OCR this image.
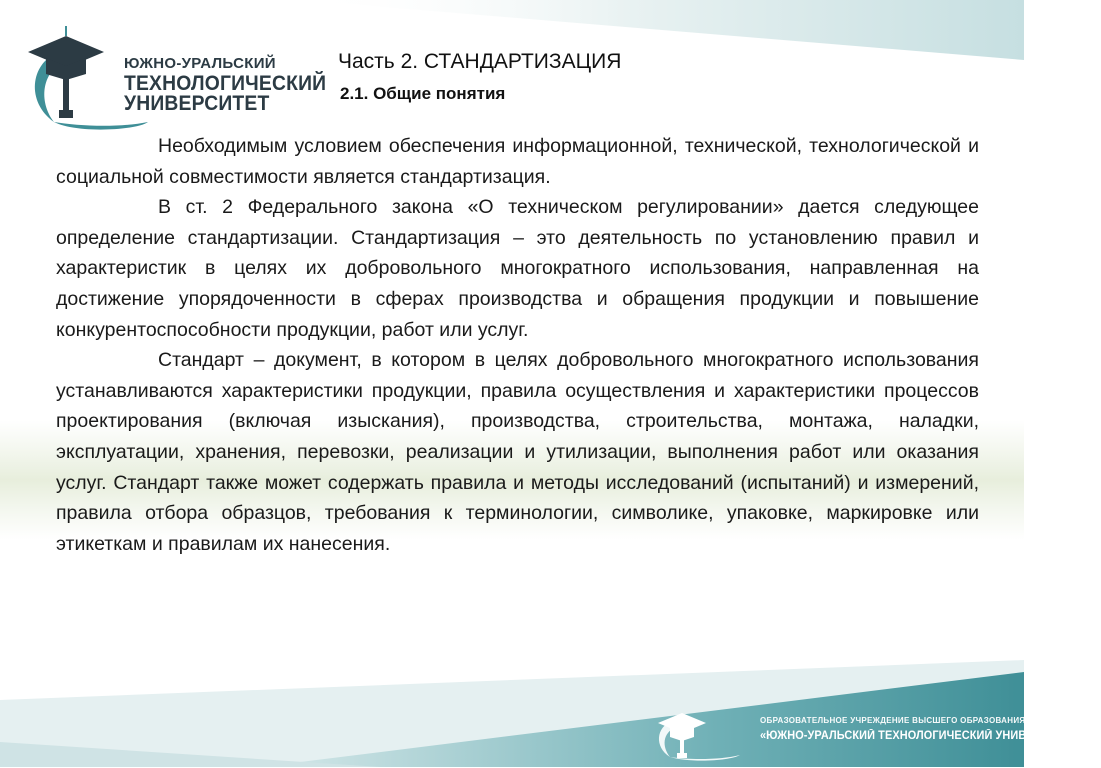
ЮЖНО-УРАЛЬСКИЙ
ТЕХНОЛОГИЧЕСКИЙ
УНИВЕРСИТЕТ
Часть 2. СТАНДАРТИЗАЦИЯ
2.1. Общие понятия

Необходимым условием обеспечения информационной, технической, технологической и социальной совместимости является стандартизация.

В ст. 2 Федерального закона «О техническом регулировании» дается следующее определение стандартизации. Стандартизация – это деятельность по установлению правил и характеристик в целях их добровольного многократного использования, направленная на достижение упорядоченности в сферах производства и обращения продукции и повышение конкурентоспособности продукции, работ или услуг.

Стандарт – документ, в котором в целях добровольного многократного использования устанавливаются характеристики продукции, правила осуществления и характеристики процессов проектирования (включая изыскания), производства, строительства, монтажа, наладки, эксплуатации, хранения, перевозки, реализации и утилизации, выполнения работ или оказания услуг. Стандарт также может содержать правила и методы исследований (испытаний) и измерений, правила отбора образцов, требования к терминологии, символике, упаковке, маркировке или этикеткам и правилам их нанесения.

ОБРАЗОВАТЕЛЬНОЕ УЧРЕЖДЕНИЕ ВЫСШЕГО ОБРАЗОВАНИЯ
«ЮЖНО-УРАЛЬСКИЙ ТЕХНОЛОГИЧЕСКИЙ УНИВЕРСИТЕТ»
